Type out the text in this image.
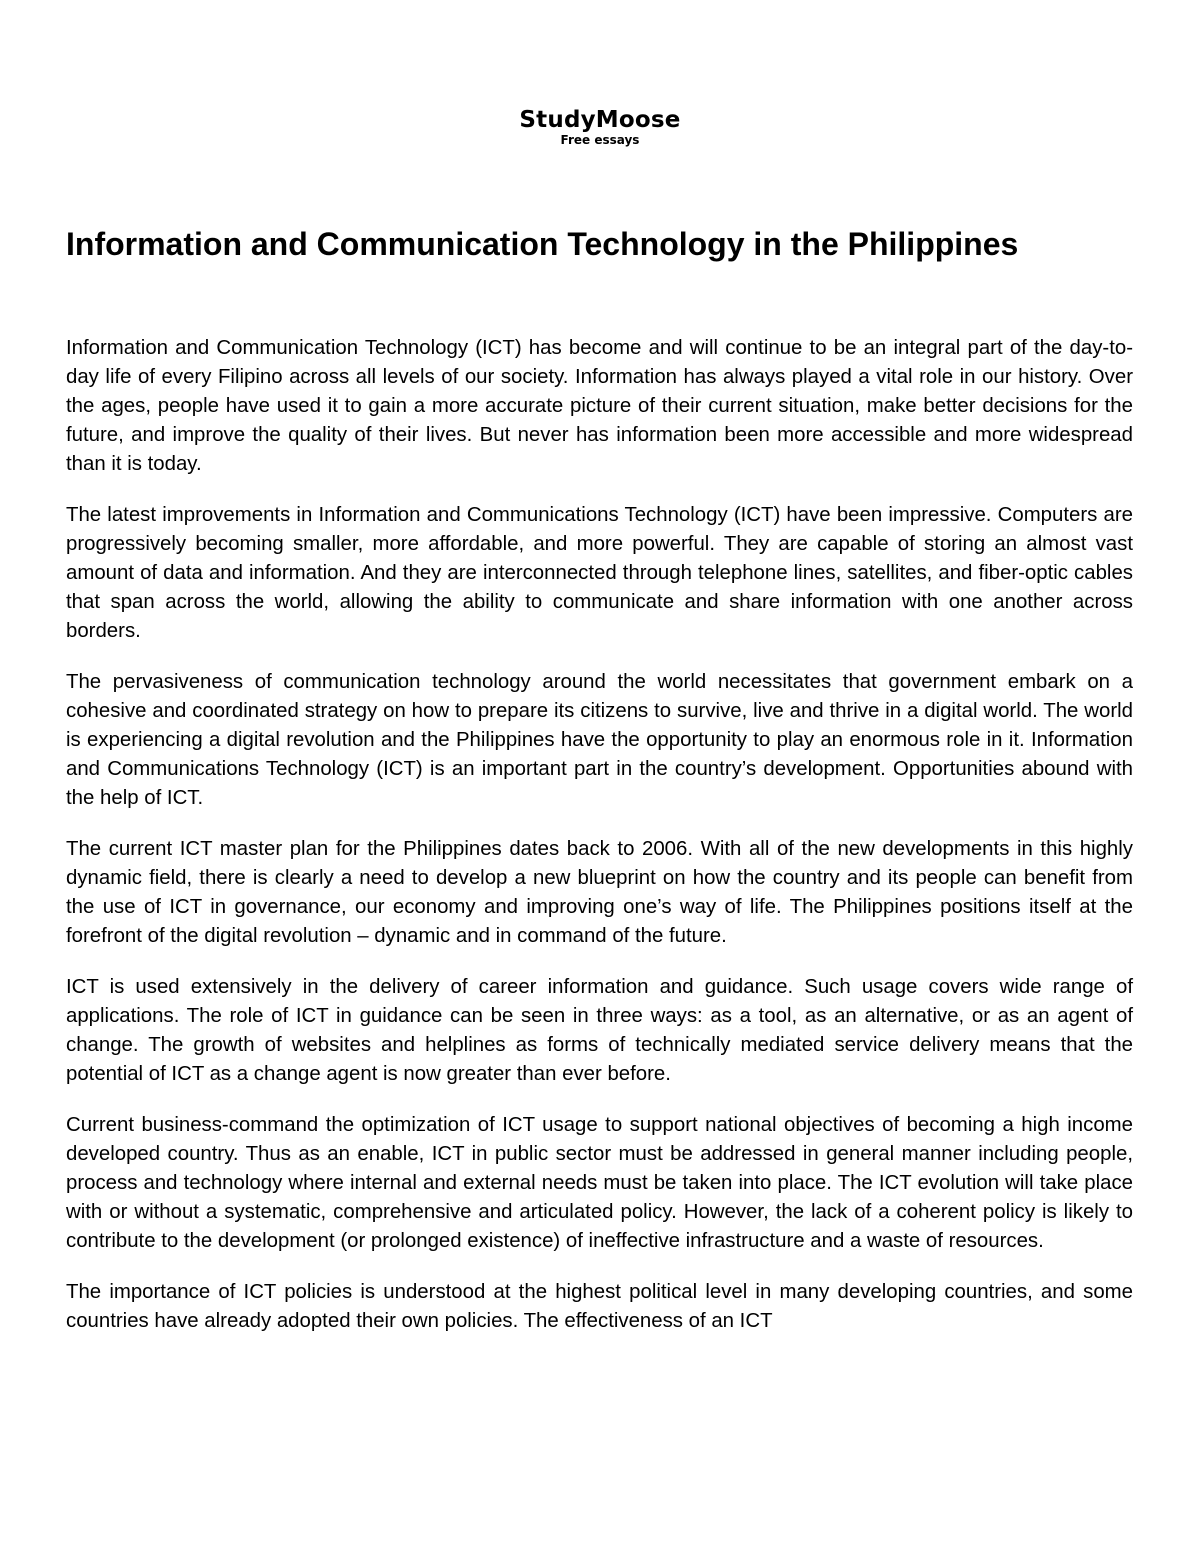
StudyMoose
Free essays
Information and Communication Technology in the Philippines

Information and Communication Technology (ICT) has become and will continue to be an integral part of the day-to-day life of every Filipino across all levels of our society. Information has always played a vital role in our history. Over the ages, people have used it to gain a more accurate picture of their current situation, make better decisions for the future, and improve the quality of their lives. But never has information been more accessible and more widespread than it is today.

The latest improvements in Information and Communications Technology (ICT) have been impressive. Computers are progressively becoming smaller, more affordable, and more powerful. They are capable of storing an almost vast amount of data and information. And they are interconnected through telephone lines, satellites, and fiber-optic cables that span across the world, allowing the ability to communicate and share information with one another across borders.

The pervasiveness of communication technology around the world necessitates that government embark on a cohesive and coordinated strategy on how to prepare its citizens to survive, live and thrive in a digital world. The world is experiencing a digital revolution and the Philippines have the opportunity to play an enormous role in it. Information and Communications Technology (ICT) is an important part in the country’s development. Opportunities abound with the help of ICT.

The current ICT master plan for the Philippines dates back to 2006. With all of the new developments in this highly dynamic field, there is clearly a need to develop a new blueprint on how the country and its people can benefit from the use of ICT in governance, our economy and improving one’s way of life. The Philippines positions itself at the forefront of the digital revolution – dynamic and in command of the future.

ICT is used extensively in the delivery of career information and guidance. Such usage covers wide range of applications. The role of ICT in guidance can be seen in three ways: as a tool, as an alternative, or as an agent of change. The growth of websites and helplines as forms of technically mediated service delivery means that the potential of ICT as a change agent is now greater than ever before.

Current business-command the optimization of ICT usage to support national objectives of becoming a high income developed country. Thus as an enable, ICT in public sector must be addressed in general manner including people, process and technology where internal and external needs must be taken into place. The ICT evolution will take place with or without a systematic, comprehensive and articulated policy. However, the lack of a coherent policy is likely to contribute to the development (or prolonged existence) of ineffective infrastructure and a waste of resources.

The importance of ICT policies is understood at the highest political level in many developing countries, and some countries have already adopted their own policies. The effectiveness of an ICT
